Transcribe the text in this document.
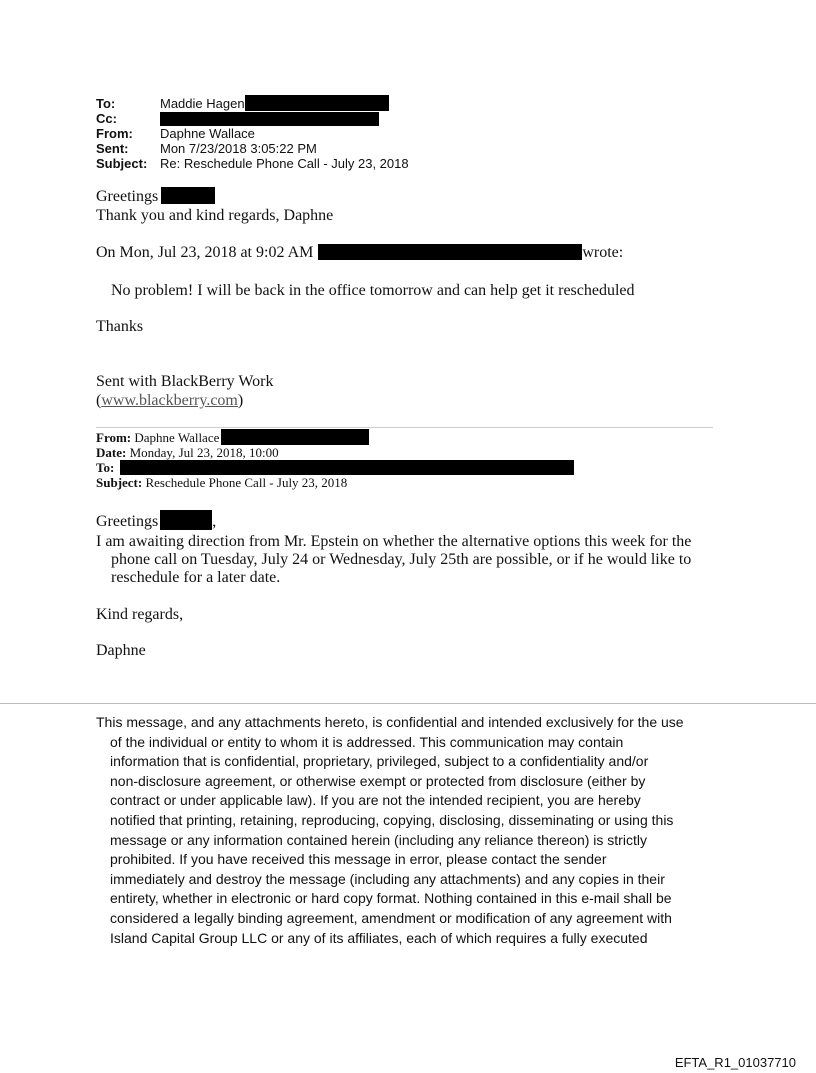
To:	Maddie Hagen
Cc:
From: Daphne Wallace
Sent: Mon 7/23/2018 3:05:22 PM
Subject: Re: Reschedule Phone Call - July 23, 2018
Greetings
Thank you and kind regards, Daphne
On Mon, Jul 23, 2018 at 9:02 AM	wrote:
No problem! I will be back in the office tomorrow and can help get it rescheduled
Thanks
Sent with BlackBerry Work
(www.blackberry.com)
From: Daphne Wallace
Date: Monday, Jul 23, 2018, 10:00
To:
Subject: Reschedule Phone Call - July 23, 2018
Greetings	,
I am awaiting direction from Mr. Epstein on whether the alternative options this week for the
phone call on Tuesday, July 24 or Wednesday, July 25th are possible, or if he would like to
reschedule for a later date.
Kind regards,
Daphne
This message, and any attachments hereto, is confidential and intended exclusively for the use
of the individual or entity to whom it is addressed. This communication may contain
information that is confidential, proprietary, privileged, subject to a confidentiality and/or
non-disclosure agreement, or otherwise exempt or protected from disclosure (either by
contract or under applicable law). If you are not the intended recipient, you are hereby
notified that printing, retaining, reproducing, copying, disclosing, disseminating or using this
message or any information contained herein (including any reliance thereon) is strictly
prohibited. If you have received this message in error, please contact the sender
immediately and destroy the message (including any attachments) and any copies in their
entirety, whether in electronic or hard copy format. Nothing contained in this e-mail shall be
considered a legally binding agreement, amendment or modification of any agreement with
Island Capital Group LLC or any of its affiliates, each of which requires a fully executed
EFTA_R1_01037710
